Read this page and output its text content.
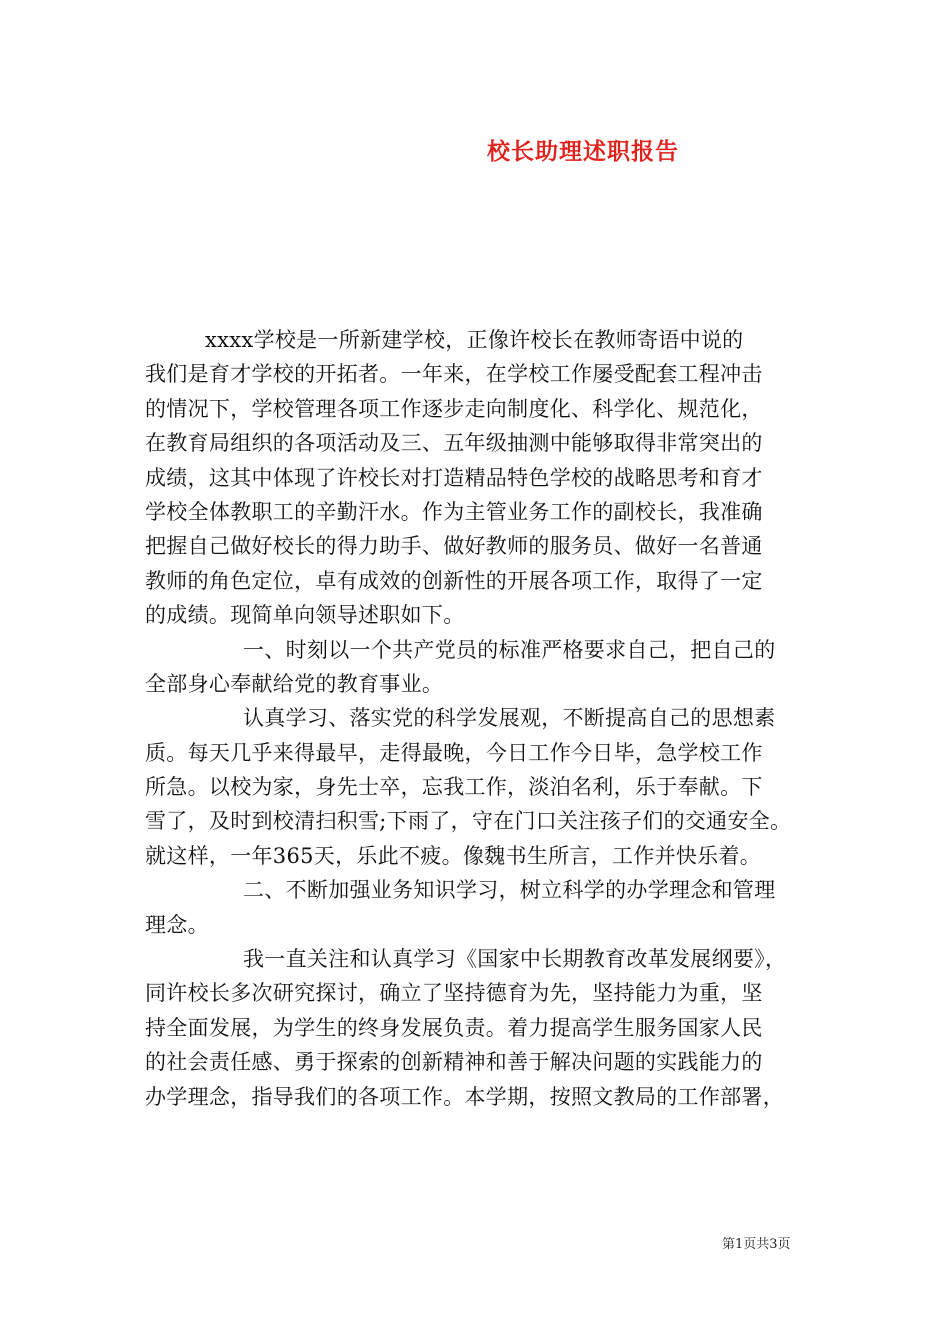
校长助理述职报告
xxxx学校是一所新建学校，正像许校长在教师寄语中说的
我们是育才学校的开拓者。一年来，在学校工作屡受配套工程冲击
的情况下，学校管理各项工作逐步走向制度化、科学化、规范化，
在教育局组织的各项活动及三、五年级抽测中能够取得非常突出的
成绩，这其中体现了许校长对打造精品特色学校的战略思考和育才
学校全体教职工的辛勤汗水。作为主管业务工作的副校长，我准确
把握自己做好校长的得力助手、做好教师的服务员、做好一名普通
教师的角色定位，卓有成效的创新性的开展各项工作，取得了一定
的成绩。现简单向领导述职如下。
一、时刻以一个共产党员的标准严格要求自己，把自己的
全部身心奉献给党的教育事业。
认真学习、落实党的科学发展观，不断提高自己的思想素
质。每天几乎来得最早，走得最晚，今日工作今日毕，急学校工作
所急。以校为家，身先士卒，忘我工作，淡泊名利，乐于奉献。下
雪了，及时到校清扫积雪;下雨了，守在门口关注孩子们的交通安全。
就这样，一年365天，乐此不疲。像魏书生所言，工作并快乐着。
二、不断加强业务知识学习，树立科学的办学理念和管理
理念。
我一直关注和认真学习《国家中长期教育改革发展纲要》，
同许校长多次研究探讨，确立了坚持德育为先，坚持能力为重，坚
持全面发展，为学生的终身发展负责。着力提高学生服务国家人民
的社会责任感、勇于探索的创新精神和善于解决问题的实践能力的
办学理念，指导我们的各项工作。本学期，按照文教局的工作部署，
第1页共3页
